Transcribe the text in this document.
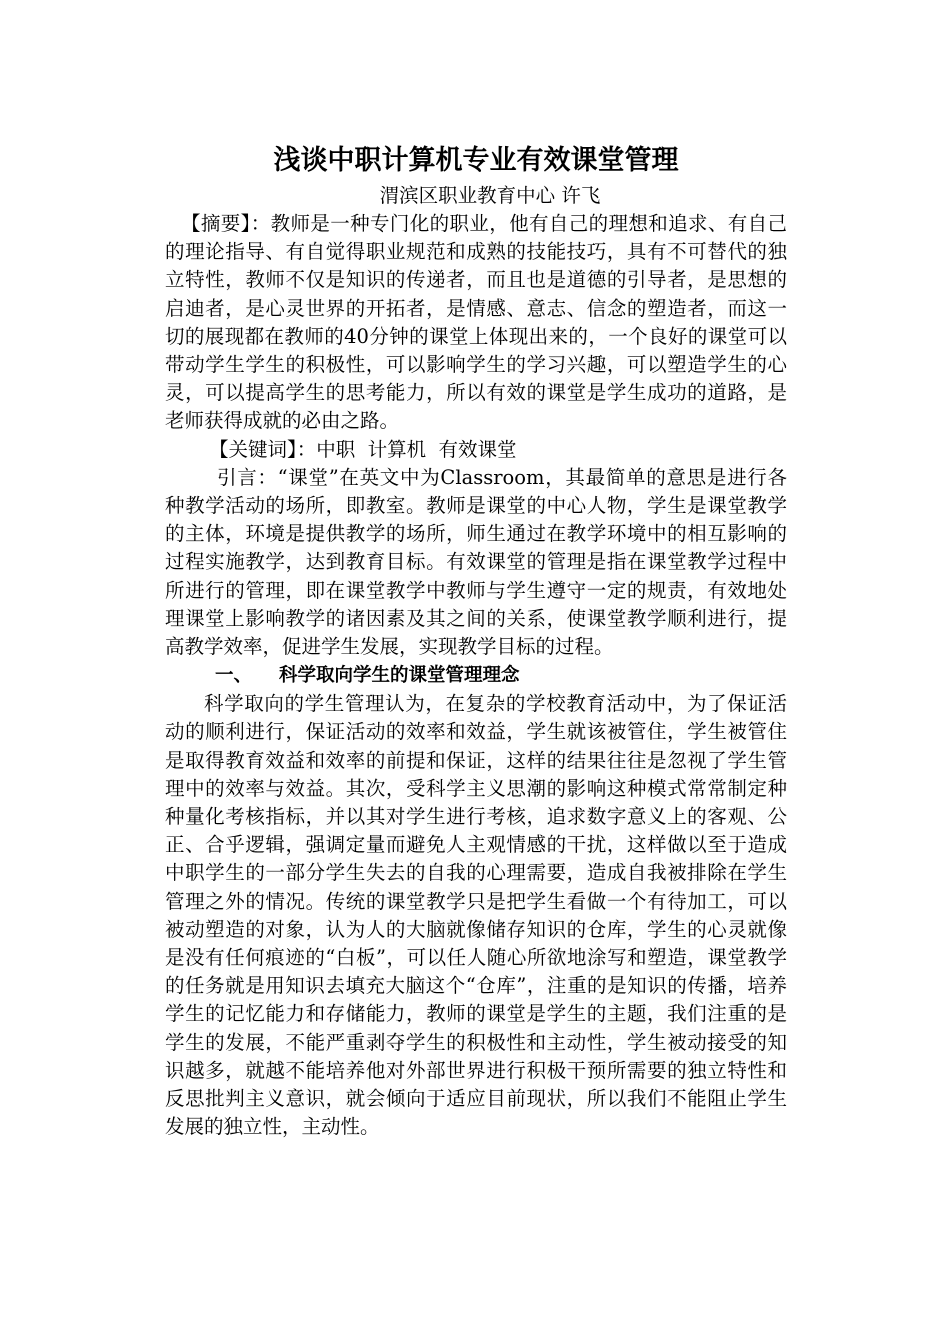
浅谈中职计算机专业有效课堂管理

渭滨区职业教育中心 许飞

【摘要】：教师是一种专门化的职业，他有自己的理想和追求、有自己的理论指导、有自觉得职业规范和成熟的技能技巧，具有不可替代的独立特性，教师不仅是知识的传递者，而且也是道德的引导者，是思想的启迪者，是心灵世界的开拓者，是情感、意志、信念的塑造者，而这一切的展现都在教师的40分钟的课堂上体现出来的，一个良好的课堂可以带动学生学生的积极性，可以影响学生的学习兴趣，可以塑造学生的心灵，可以提高学生的思考能力，所以有效的课堂是学生成功的道路，是老师获得成就的必由之路。

【关键词】：中职  计算机  有效课堂

引言：“课堂”在英文中为Classroom，其最简单的意思是进行各种教学活动的场所，即教室。教师是课堂的中心人物，学生是课堂教学的主体，环境是提供教学的场所，师生通过在教学环境中的相互影响的过程实施教学，达到教育目标。有效课堂的管理是指在课堂教学过程中所进行的管理，即在课堂教学中教师与学生遵守一定的规责，有效地处理课堂上影响教学的诸因素及其之间的关系，使课堂教学顺利进行，提高教学效率，促进学生发展，实现教学目标的过程。

一、 科学取向学生的课堂管理理念

科学取向的学生管理认为，在复杂的学校教育活动中，为了保证活动的顺利进行，保证活动的效率和效益，学生就该被管住，学生被管住是取得教育效益和效率的前提和保证，这样的结果往往是忽视了学生管理中的效率与效益。其次，受科学主义思潮的影响这种模式常常制定种种量化考核指标，并以其对学生进行考核，追求数字意义上的客观、公正、合乎逻辑，强调定量而避免人主观情感的干扰，这样做以至于造成中职学生的一部分学生失去的自我的心理需要，造成自我被排除在学生管理之外的情况。传统的课堂教学只是把学生看做一个有待加工，可以被动塑造的对象，认为人的大脑就像储存知识的仓库，学生的心灵就像是没有任何痕迹的“白板”，可以任人随心所欲地涂写和塑造，课堂教学的任务就是用知识去填充大脑这个“仓库”，注重的是知识的传播，培养学生的记忆能力和存储能力，教师的课堂是学生的主题，我们注重的是学生的发展，不能严重剥夺学生的积极性和主动性，学生被动接受的知识越多，就越不能培养他对外部世界进行积极干预所需要的独立特性和反思批判主义意识，就会倾向于适应目前现状，所以我们不能阻止学生发展的独立性，主动性。
